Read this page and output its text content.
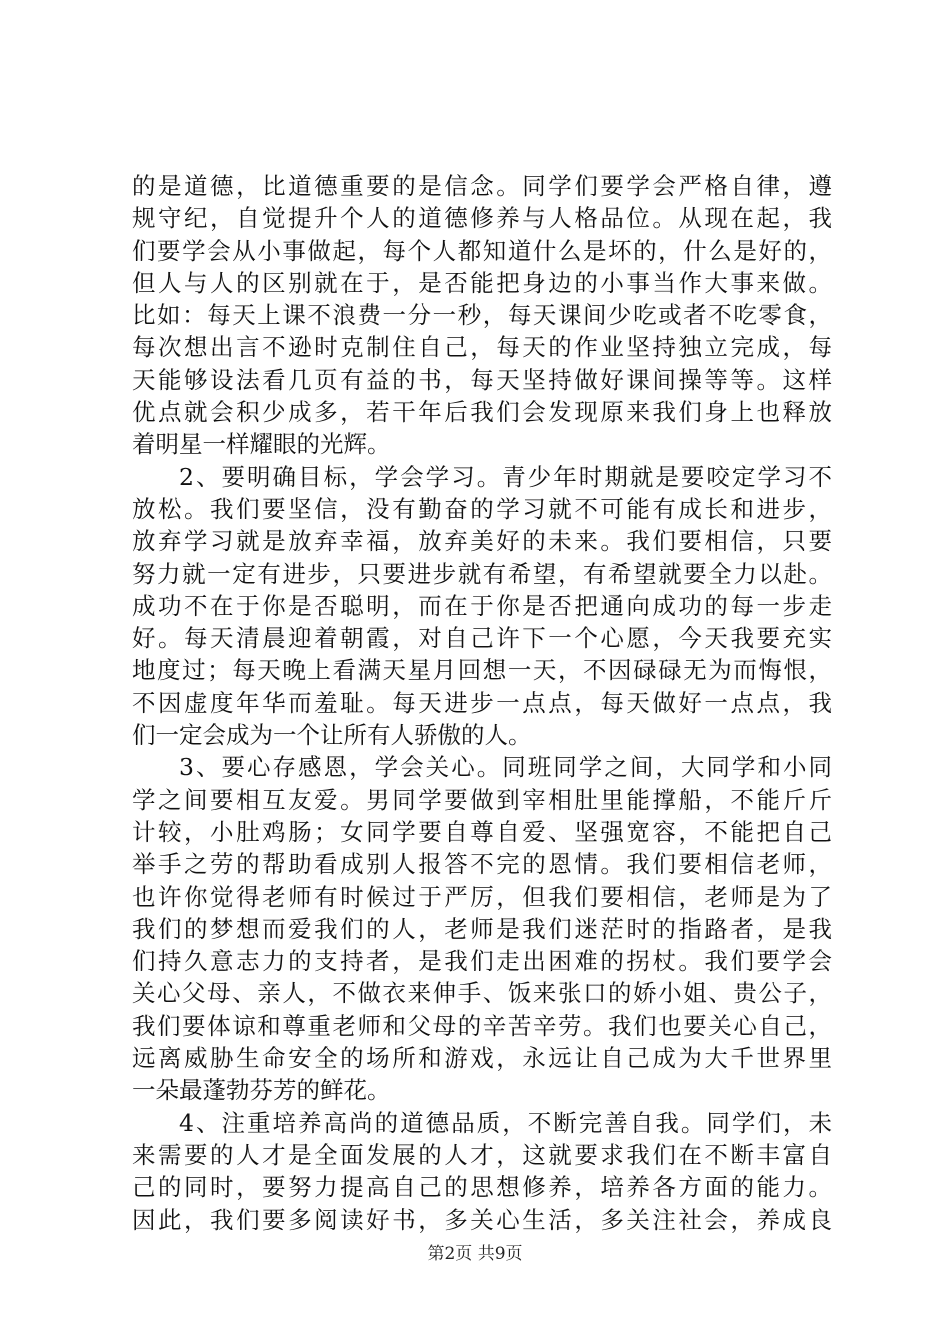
的是道德，比道德重要的是信念。同学们要学会严格自律，遵
规守纪，自觉提升个人的道德修养与人格品位。从现在起，我
们要学会从小事做起，每个人都知道什么是坏的，什么是好的，
但人与人的区别就在于，是否能把身边的小事当作大事来做。
比如：每天上课不浪费一分一秒，每天课间少吃或者不吃零食，
每次想出言不逊时克制住自己，每天的作业坚持独立完成，每
天能够设法看几页有益的书，每天坚持做好课间操等等。这样
优点就会积少成多，若干年后我们会发现原来我们身上也释放
着明星一样耀眼的光辉。
2、要明确目标，学会学习。青少年时期就是要咬定学习不
放松。我们要坚信，没有勤奋的学习就不可能有成长和进步，
放弃学习就是放弃幸福，放弃美好的未来。我们要相信，只要
努力就一定有进步，只要进步就有希望，有希望就要全力以赴。
成功不在于你是否聪明，而在于你是否把通向成功的每一步走
好。每天清晨迎着朝霞，对自己许下一个心愿，今天我要充实
地度过；每天晚上看满天星月回想一天，不因碌碌无为而悔恨，
不因虚度年华而羞耻。每天进步一点点，每天做好一点点，我
们一定会成为一个让所有人骄傲的人。
3、要心存感恩，学会关心。同班同学之间，大同学和小同
学之间要相互友爱。男同学要做到宰相肚里能撑船，不能斤斤
计较，小肚鸡肠；女同学要自尊自爱、坚强宽容，不能把自己
举手之劳的帮助看成别人报答不完的恩情。我们要相信老师，
也许你觉得老师有时候过于严厉，但我们要相信，老师是为了
我们的梦想而爱我们的人，老师是我们迷茫时的指路者，是我
们持久意志力的支持者，是我们走出困难的拐杖。我们要学会
关心父母、亲人，不做衣来伸手、饭来张口的娇小姐、贵公子，
我们要体谅和尊重老师和父母的辛苦辛劳。我们也要关心自己，
远离威胁生命安全的场所和游戏，永远让自己成为大千世界里
一朵最蓬勃芬芳的鲜花。
4、注重培养高尚的道德品质，不断完善自我。同学们，未
来需要的人才是全面发展的人才，这就要求我们在不断丰富自
己的同时，要努力提高自己的思想修养，培养各方面的能力。
因此，我们要多阅读好书，多关心生活，多关注社会，养成良
第2页 共9页
